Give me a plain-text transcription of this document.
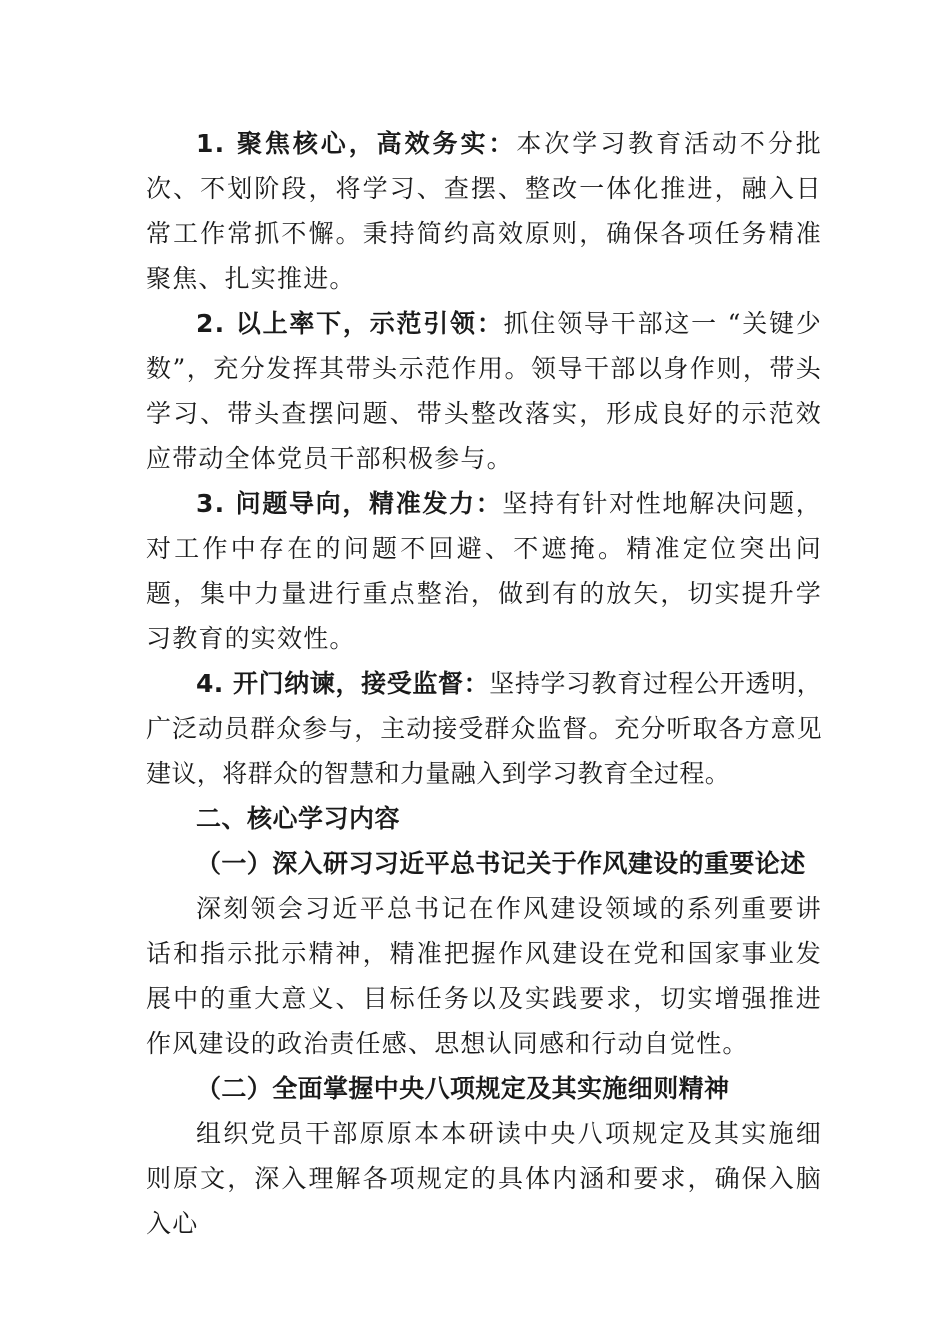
1. 聚焦核心，高效务实：本次学习教育活动不分批次、不划阶段，将学习、查摆、整改一体化推进，融入日常工作常抓不懈。秉持简约高效原则，确保各项任务精准聚焦、扎实推进。

2. 以上率下，示范引领：抓住领导干部这一 “关键少数”，充分发挥其带头示范作用。领导干部以身作则，带头学习、带头查摆问题、带头整改落实，形成良好的示范效应带动全体党员干部积极参与。

3. 问题导向，精准发力：坚持有针对性地解决问题，对工作中存在的问题不回避、不遮掩。精准定位突出问题，集中力量进行重点整治，做到有的放矢，切实提升学习教育的实效性。

4. 开门纳谏，接受监督：坚持学习教育过程公开透明，广泛动员群众参与，主动接受群众监督。充分听取各方意见建议，将群众的智慧和力量融入到学习教育全过程。

二、核心学习内容

（一）深入研习习近平总书记关于作风建设的重要论述

深刻领会习近平总书记在作风建设领域的系列重要讲话和指示批示精神，精准把握作风建设在党和国家事业发展中的重大意义、目标任务以及实践要求，切实增强推进作风建设的政治责任感、思想认同感和行动自觉性。

（二）全面掌握中央八项规定及其实施细则精神

组织党员干部原原本本研读中央八项规定及其实施细则原文，深入理解各项规定的具体内涵和要求，确保入脑入心
